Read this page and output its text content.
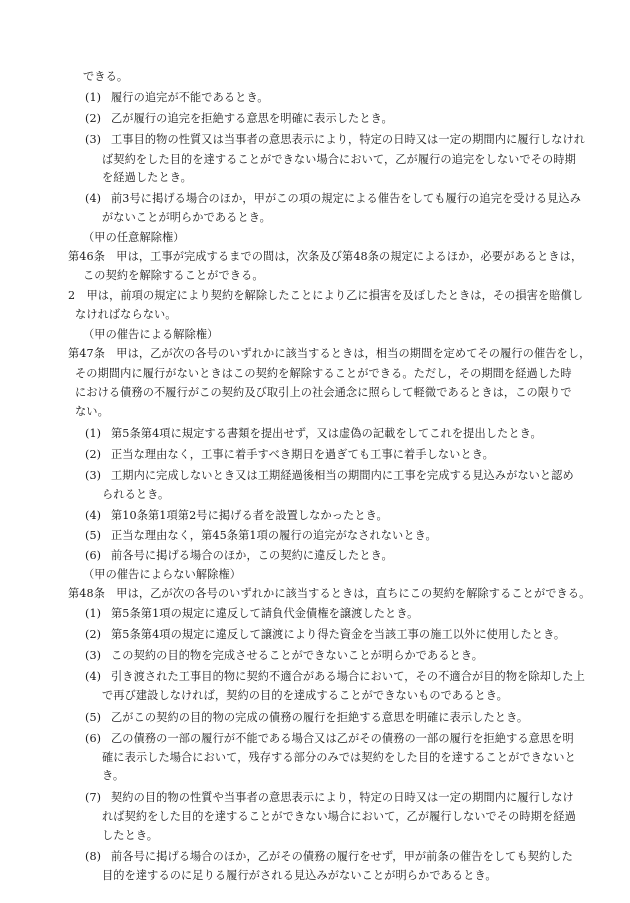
できる。
(1) 履行の追完が不能であるとき。
(2) 乙が履行の追完を拒絶する意思を明確に表示したとき。
(3) 工事目的物の性質又は当事者の意思表示により，特定の日時又は一定の期間内に履行しなけれ
ば契約をした目的を達することができない場合において，乙が履行の追完をしないでその時期
を経過したとき。
(4) 前3号に掲げる場合のほか，甲がこの項の規定による催告をしても履行の追完を受ける見込み
がないことが明らかであるとき。
（甲の任意解除権）
第46条　甲は，工事が完成するまでの間は，次条及び第48条の規定によるほか，必要があるときは，
この契約を解除することができる。
2　甲は，前項の規定により契約を解除したことにより乙に損害を及ぼしたときは，その損害を賠償し
なければならない。
（甲の催告による解除権）
第47条　甲は，乙が次の各号のいずれかに該当するときは，相当の期間を定めてその履行の催告をし，
その期間内に履行がないときはこの契約を解除することができる。ただし，その期間を経過した時
における債務の不履行がこの契約及び取引上の社会通念に照らして軽微であるときは，この限りで
ない。
(1) 第5条第4項に規定する書類を提出せず，又は虚偽の記載をしてこれを提出したとき。
(2) 正当な理由なく，工事に着手すべき期日を過ぎても工事に着手しないとき。
(3) 工期内に完成しないとき又は工期経過後相当の期間内に工事を完成する見込みがないと認め
られるとき。
(4) 第10条第1項第2号に掲げる者を設置しなかったとき。
(5) 正当な理由なく，第45条第1項の履行の追完がなされないとき。
(6) 前各号に掲げる場合のほか，この契約に違反したとき。
（甲の催告によらない解除権）
第48条　甲は，乙が次の各号のいずれかに該当するときは，直ちにこの契約を解除することができる。
(1) 第5条第1項の規定に違反して請負代金債権を譲渡したとき。
(2) 第5条第4項の規定に違反して譲渡により得た資金を当該工事の施工以外に使用したとき。
(3) この契約の目的物を完成させることができないことが明らかであるとき。
(4) 引き渡された工事目的物に契約不適合がある場合において，その不適合が目的物を除却した上
で再び建設しなければ，契約の目的を達成することができないものであるとき。
(5) 乙がこの契約の目的物の完成の債務の履行を拒絶する意思を明確に表示したとき。
(6) 乙の債務の一部の履行が不能である場合又は乙がその債務の一部の履行を拒絶する意思を明
確に表示した場合において，残存する部分のみでは契約をした目的を達することができないと
き。
(7) 契約の目的物の性質や当事者の意思表示により，特定の日時又は一定の期間内に履行しなけ
れば契約をした目的を達することができない場合において，乙が履行しないでその時期を経過
したとき。
(8) 前各号に掲げる場合のほか，乙がその債務の履行をせず，甲が前条の催告をしても契約した
目的を達するのに足りる履行がされる見込みがないことが明らかであるとき。
